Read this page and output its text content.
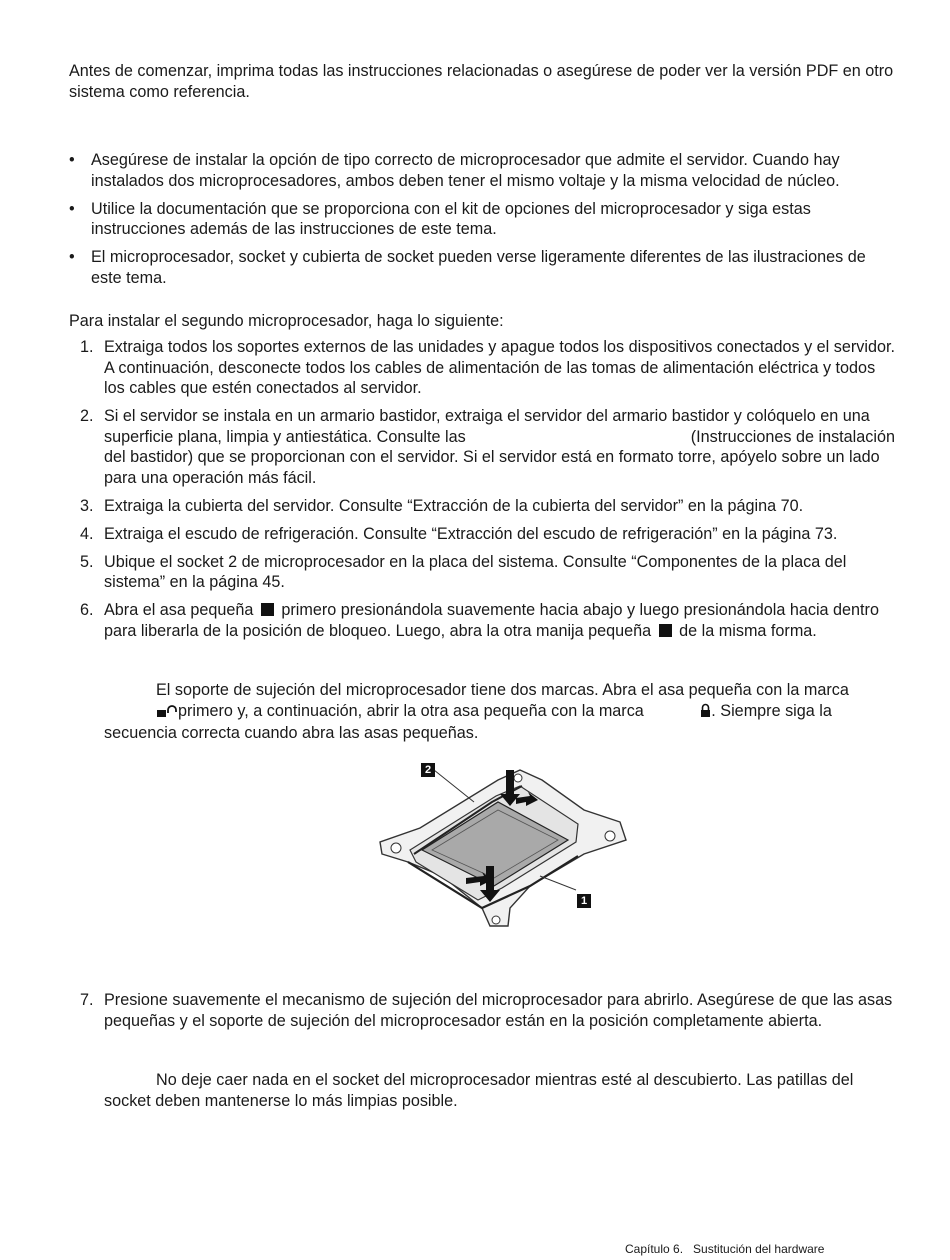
Antes de comenzar, imprima todas las instrucciones relacionadas o asegúrese de poder ver la versión PDF en otro sistema como referencia.

• Asegúrese de instalar la opción de tipo correcto de microprocesador que admite el servidor. Cuando hay instalados dos microprocesadores, ambos deben tener el mismo voltaje y la misma velocidad de núcleo.
• Utilice la documentación que se proporciona con el kit de opciones del microprocesador y siga estas instrucciones además de las instrucciones de este tema.
• El microprocesador, socket y cubierta de socket pueden verse ligeramente diferentes de las ilustraciones de este tema.

Para instalar el segundo microprocesador, haga lo siguiente:

1. Extraiga todos los soportes externos de las unidades y apague todos los dispositivos conectados y el servidor. A continuación, desconecte todos los cables de alimentación de las tomas de alimentación eléctrica y todos los cables que estén conectados al servidor.
2. Si el servidor se instala en un armario bastidor, extraiga el servidor del armario bastidor y colóquelo en una superficie plana, limpia y antiestática. Consulte las	(Instrucciones de instalación del bastidor) que se proporcionan con el servidor. Si el servidor está en formato torre, apóyelo sobre un lado para una operación más fácil.
3. Extraiga la cubierta del servidor. Consulte “Extracción de la cubierta del servidor” en la página 70.
4. Extraiga el escudo de refrigeración. Consulte “Extracción del escudo de refrigeración” en la página 73.
5. Ubique el socket 2 de microprocesador en la placa del sistema. Consulte “Componentes de la placa del sistema” en la página 45.
6. Abra el asa pequeña primero presionándola suavemente hacia abajo y luego presionándola hacia dentro para liberarla de la posición de bloqueo. Luego, abra la otra manija pequeña de la misma forma.

El soporte de sujeción del microprocesador tiene dos marcas. Abra el asa pequeña con la marca primero y, a continuación, abrir la otra asa pequeña con la marca	. Siempre siga la secuencia correcta cuando abra las asas pequeñas.

2
1
7. Presione suavemente el mecanismo de sujeción del microprocesador para abrirlo. Asegúrese de que las asas pequeñas y el soporte de sujeción del microprocesador están en la posición completamente abierta.

No deje caer nada en el socket del microprocesador mientras esté al descubierto. Las patillas del socket deben mantenerse lo más limpias posible.

Capítulo 6. Sustitución del hardware
